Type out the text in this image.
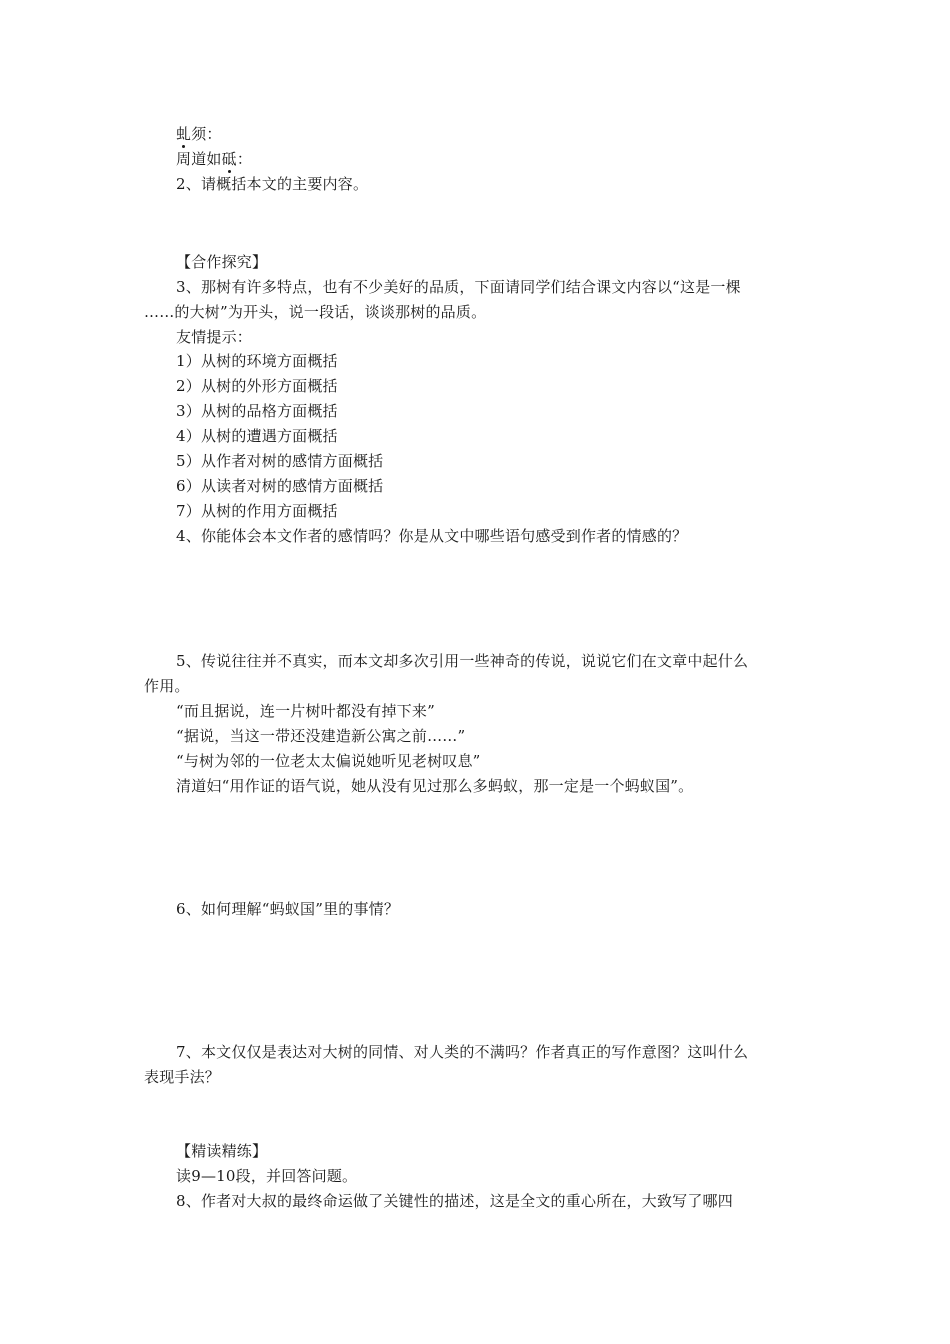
虬须：
周道如砥：
2、请概括本文的主要内容。
【合作探究】
3、那树有许多特点，也有不少美好的品质，下面请同学们结合课文内容以“这是一棵
……的大树”为开头，说一段话，谈谈那树的品质。
友情提示：
1）从树的环境方面概括
2）从树的外形方面概括
3）从树的品格方面概括
4）从树的遭遇方面概括
5）从作者对树的感情方面概括
6）从读者对树的感情方面概括
7）从树的作用方面概括
4、你能体会本文作者的感情吗？你是从文中哪些语句感受到作者的情感的？
5、传说往往并不真实，而本文却多次引用一些神奇的传说，说说它们在文章中起什么
作用。
“而且据说，连一片树叶都没有掉下来”
“据说，当这一带还没建造新公寓之前……”
“与树为邻的一位老太太偏说她听见老树叹息”
清道妇“用作证的语气说，她从没有见过那么多蚂蚁，那一定是一个蚂蚁国”。
6、如何理解“蚂蚁国”里的事情？
7、本文仅仅是表达对大树的同情、对人类的不满吗？作者真正的写作意图？这叫什么
表现手法？
【精读精练】
读9—10段，并回答问题。
8、作者对大叔的最终命运做了关键性的描述，这是全文的重心所在，大致写了哪四
